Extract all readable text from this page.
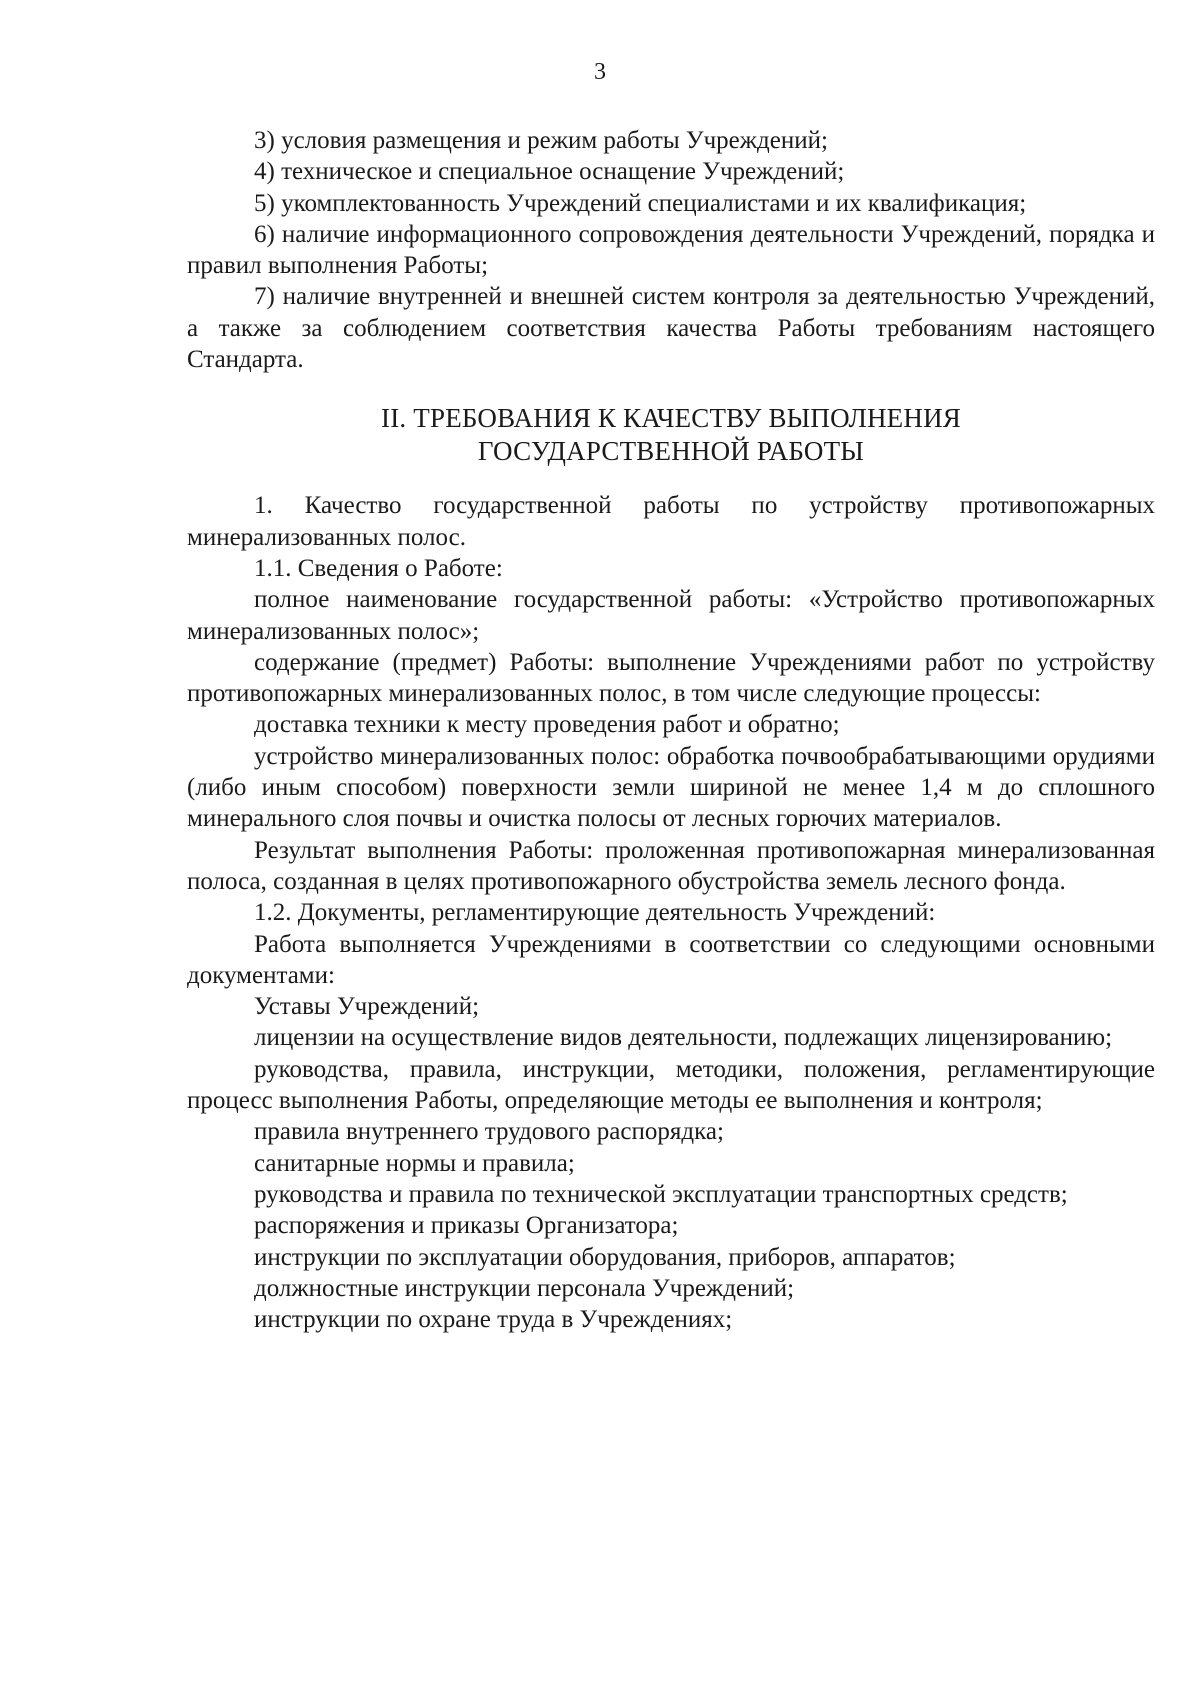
3

3) условия размещения и режим работы Учреждений;

4) техническое и специальное оснащение Учреждений;

5) укомплектованность Учреждений специалистами и их квалификация;

6) наличие информационного сопровождения деятельности Учреждений, порядка и правил выполнения Работы;

7) наличие внутренней и внешней систем контроля за деятельностью Учреждений, а также за соблюдением соответствия качества Работы требованиям настоящего Стандарта.

II. ТРЕБОВАНИЯ К КАЧЕСТВУ ВЫПОЛНЕНИЯ
ГОСУДАРСТВЕННОЙ РАБОТЫ

1. Качество государственной работы по устройству противопожарных минерализованных полос.

1.1. Сведения о Работе:

полное наименование государственной работы: «Устройство противопожарных минерализованных полос»;

содержание (предмет) Работы: выполнение Учреждениями работ по устройству противопожарных минерализованных полос, в том числе следующие процессы:

доставка техники к месту проведения работ и обратно;

устройство минерализованных полос: обработка почвообрабатывающими орудиями (либо иным способом) поверхности земли шириной не менее 1,4 м до сплошного минерального слоя почвы и очистка полосы от лесных горючих материалов.

Результат выполнения Работы: проложенная противопожарная минерализованная полоса, созданная в целях противопожарного обустройства земель лесного фонда.

1.2. Документы, регламентирующие деятельность Учреждений:

Работа выполняется Учреждениями в соответствии со следующими основными документами:

Уставы Учреждений;

лицензии на осуществление видов деятельности, подлежащих лицензированию;

руководства, правила, инструкции, методики, положения, регламентирующие процесс выполнения Работы, определяющие методы ее выполнения и контроля;

правила внутреннего трудового распорядка;

санитарные нормы и правила;

руководства и правила по технической эксплуатации транспортных средств;

распоряжения и приказы Организатора;

инструкции по эксплуатации оборудования, приборов, аппаратов;

должностные инструкции персонала Учреждений;

инструкции по охране труда в Учреждениях;
